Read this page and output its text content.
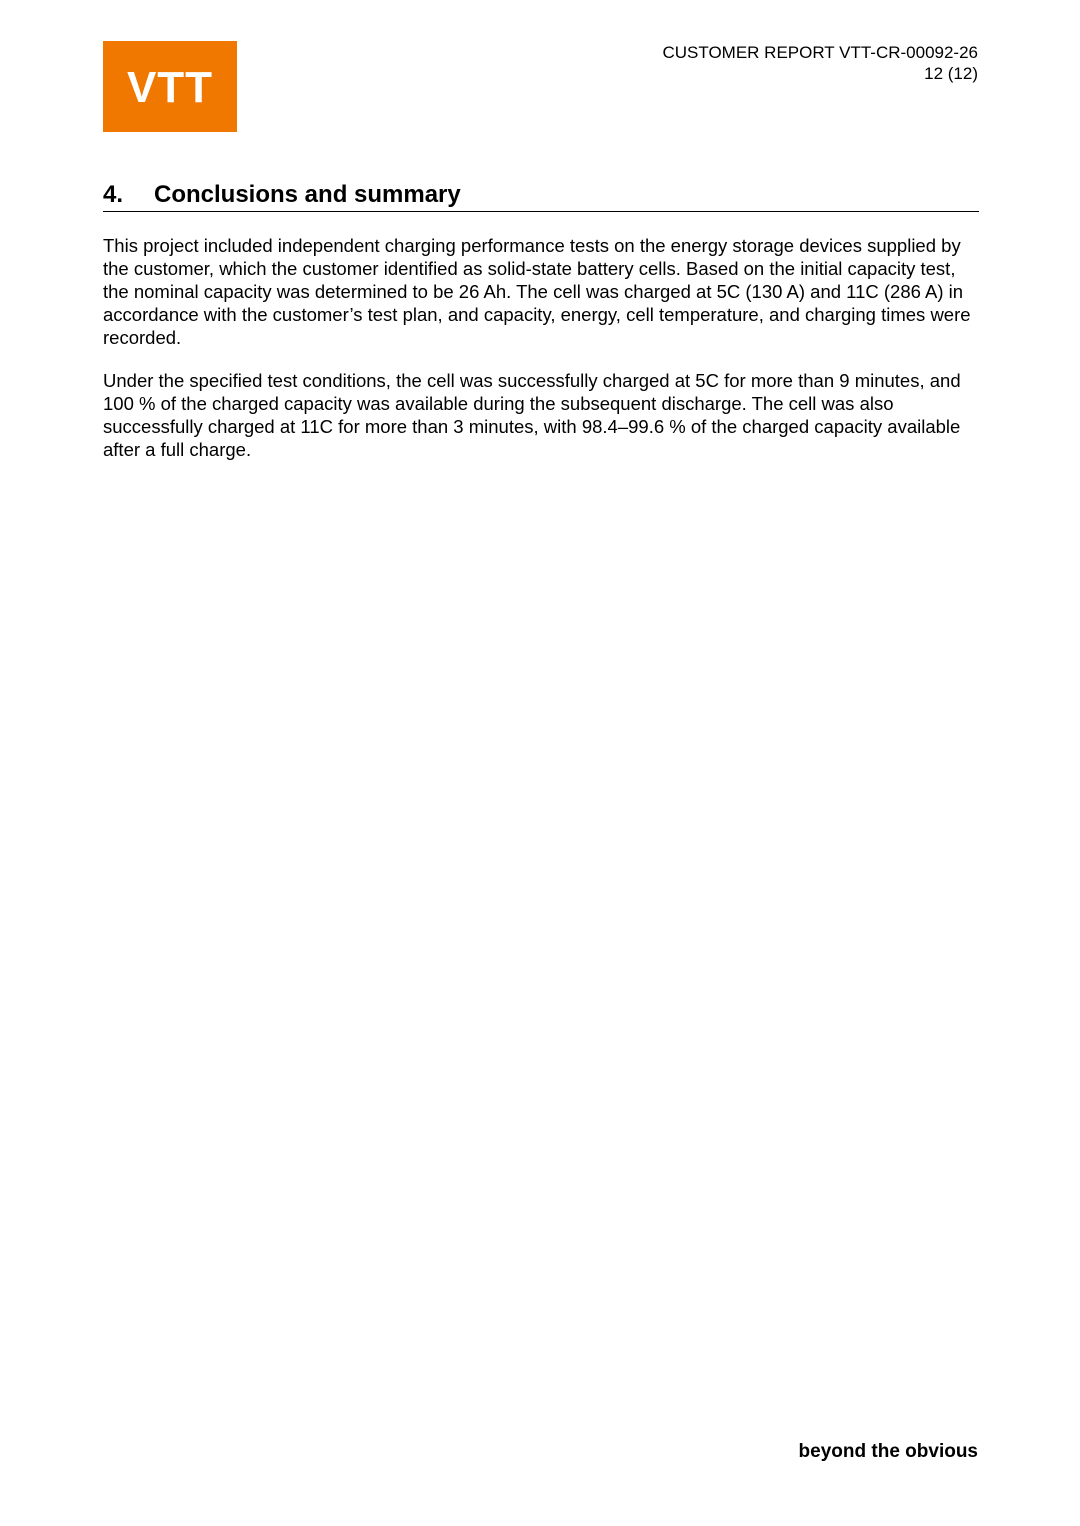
VTT
CUSTOMER REPORT VTT-CR-00092-26
12 (12)
4. Conclusions and summary

This project included independent charging performance tests on the energy storage devices supplied by the customer, which the customer identified as solid-state battery cells. Based on the initial capacity test, the nominal capacity was determined to be 26 Ah. The cell was charged at 5C (130 A) and 11C (286 A) in accordance with the customer’s test plan, and capacity, energy, cell temperature, and charging times were recorded.

Under the specified test conditions, the cell was successfully charged at 5C for more than 9 minutes, and 100 % of the charged capacity was available during the subsequent discharge. The cell was also successfully charged at 11C for more than 3 minutes, with 98.4–99.6 % of the charged capacity available after a full charge.

beyond the obvious
